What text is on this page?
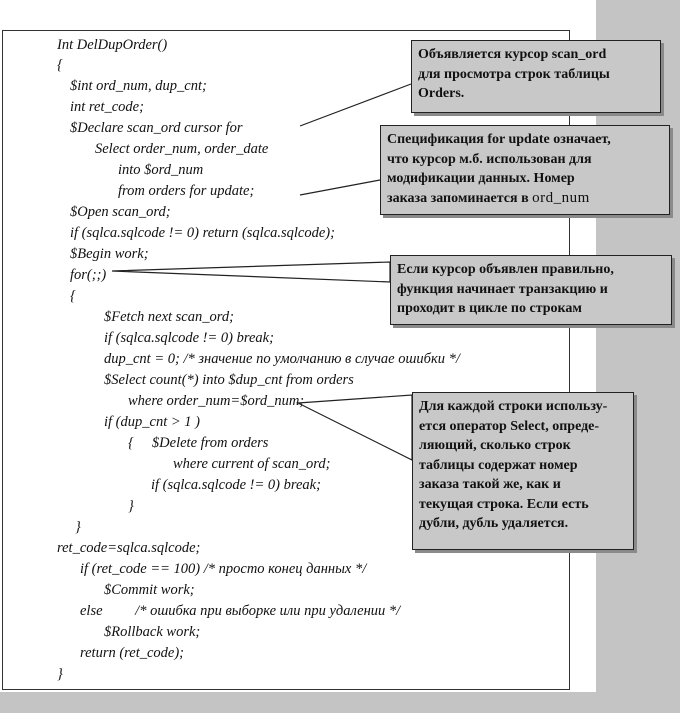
Int DelDupOrder()
{
$int ord_num, dup_cnt;
int ret_code;
$Declare scan_ord cursor for
Select order_num, order_date
into $ord_num
from orders for update;
$Open scan_ord;
if (sqlca.sqlcode != 0) return (sqlca.sqlcode);
$Begin work;
for(;;)
{
$Fetch next scan_ord;
if (sqlca.sqlcode != 0) break;
dup_cnt = 0; /* значение по умолчанию в случае ошибки */
$Select count(*) into $dup_cnt from orders
where order_num=$ord_num;
if (dup_cnt > 1 )
{     $Delete from orders
where current of scan_ord;
if (sqlca.sqlcode != 0) break;
}
}
ret_code=sqlca.sqlcode;
if (ret_code == 100) /* просто конец данных */
$Commit work;
else         /* ошибка при выборке или при удалении */
$Rollback work;
return (ret_code);
}
Объявляется курсор scan_ord
для просмотра строк таблицы
Orders.
Спецификация for update означает,
что курсор м.б. использован для
модификации данных. Номер
заказа запоминается в ord_num
Если курсор объявлен правильно,
функция начинает транзакцию и
проходит в цикле по строкам
Для каждой строки использу-
ется оператор Select, опреде-
ляющий, сколько строк
таблицы содержат номер
заказа такой же, как и
текущая строка. Если есть
дубли, дубль удаляется.
